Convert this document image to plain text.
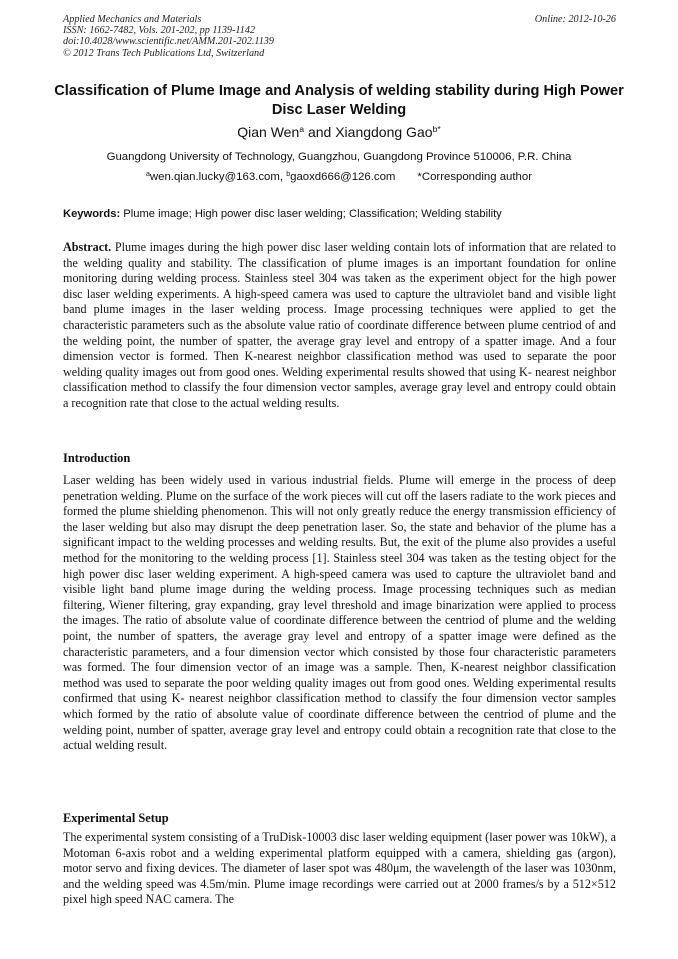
Applied Mechanics and Materials
ISSN: 1662-7482, Vols. 201-202, pp 1139-1142
doi:10.4028/www.scientific.net/AMM.201-202.1139
© 2012 Trans Tech Publications Ltd, Switzerland
Online: 2012-10-26
Classification of Plume Image and Analysis of welding stability during High Power Disc Laser Welding
Qian Wen$^a$ and Xiangdong Gao$^{b*}$
Guangdong University of Technology, Guangzhou, Guangdong Province 510006, P.R. China
$^a$wen.qian.lucky@163.com, $^b$gaoxd666@126.com *Corresponding author
Keywords: Plume image; High power disc laser welding; Classification; Welding stability
Abstract. Plume images during the high power disc laser welding contain lots of information that are related to the welding quality and stability. The classification of plume images is an important foundation for online monitoring during welding process. Stainless steel 304 was taken as the experiment object for the high power disc laser welding experiments. A high-speed camera was used to capture the ultraviolet band and visible light band plume images in the laser welding process. Image processing techniques were applied to get the characteristic parameters such as the absolute value ratio of coordinate difference between plume centriod of and the welding point, the number of spatter, the average gray level and entropy of a spatter image. And a four dimension vector is formed. Then K-nearest neighbor classification method was used to separate the poor welding quality images out from good ones. Welding experimental results showed that using K- nearest neighbor classification method to classify the four dimension vector samples, average gray level and entropy could obtain a recognition rate that close to the actual welding results.
Introduction
Laser welding has been widely used in various industrial fields. Plume will emerge in the process of deep penetration welding. Plume on the surface of the work pieces will cut off the lasers radiate to the work pieces and formed the plume shielding phenomenon. This will not only greatly reduce the energy transmission efficiency of the laser welding but also may disrupt the deep penetration laser. So, the state and behavior of the plume has a significant impact to the welding processes and welding results. But, the exit of the plume also provides a useful method for the monitoring to the welding process [1]. Stainless steel 304 was taken as the testing object for the high power disc laser welding experiment. A high-speed camera was used to capture the ultraviolet band and visible light band plume image during the welding process. Image processing techniques such as median filtering, Wiener filtering, gray expanding, gray level threshold and image binarization were applied to process the images. The ratio of absolute value of coordinate difference between the centriod of plume and the welding point, the number of spatters, the average gray level and entropy of a spatter image were defined as the characteristic parameters, and a four dimension vector which consisted by those four characteristic parameters was formed. The four dimension vector of an image was a sample. Then, K-nearest neighbor classification method was used to separate the poor welding quality images out from good ones. Welding experimental results confirmed that using K- nearest neighbor classification method to classify the four dimension vector samples which formed by the ratio of absolute value of coordinate difference between the centriod of plume and the welding point, number of spatter, average gray level and entropy could obtain a recognition rate that close to the actual welding result.
Experimental Setup
The experimental system consisting of a TruDisk-10003 disc laser welding equipment (laser power was 10kW), a Motoman 6-axis robot and a welding experimental platform equipped with a camera, shielding gas (argon), motor servo and fixing devices. The diameter of laser spot was 480μm, the wavelength of the laser was 1030nm, and the welding speed was 4.5m/min. Plume image recordings were carried out at 2000 frames/s by a 512×512 pixel high speed NAC camera. The
